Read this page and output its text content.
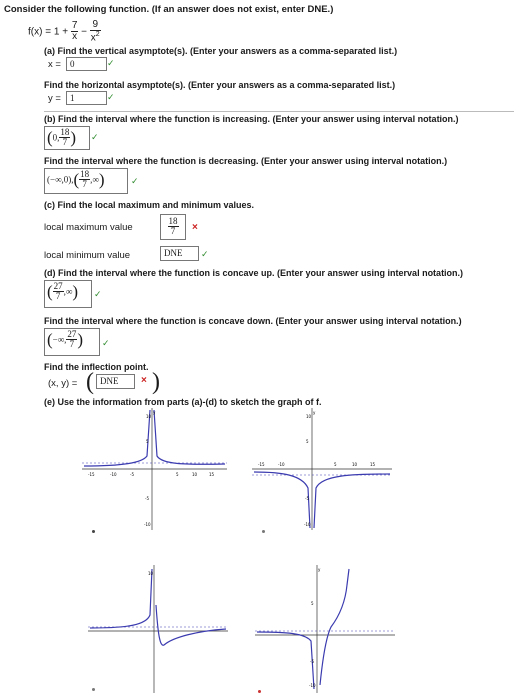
Consider the following function. (If an answer does not exist, enter DNE.)
$f(x) = 1 + \frac{7}{x} - \frac{9}{x^2}$
(a) Find the vertical asymptote(s). (Enter your answers as a comma-separated list.)
x =	0	✓
Find the horizontal asymptote(s). (Enter your answers as a comma-separated list.)
y =	1	✓
(b) Find the interval where the function is increasing. (Enter your answer using interval notation.)
(0, $\frac{18}{7}$ )	✓
Find the interval where the function is decreasing. (Enter your answer using interval notation.)
$(-\infty,0),( \frac{18}{7}$ ,∞)	✓
(c) Find the local maximum and minimum values.
local maximum value	$\frac{18}{7}$ ×
local minimum value	DNE	✓
(d) Find the interval where the function is concave up. (Enter your answer using interval notation.)
( $\frac{27}{7}$ ,∞)	✓
Find the interval where the function is concave down. (Enter your answer using interval notation.)
(−∞, $\frac{27}{7}$ )	✓
Find the inflection point.
(x, y) = ( DNE	× )
(e) Use the information from parts (a)-(d) to sketch the graph of f.
y
-15	-10	-5	5	10	15
10
5
-5
-10
y
-15	-10	5	10	15
10
5
-5
-10
10
y
5
-5
-10
